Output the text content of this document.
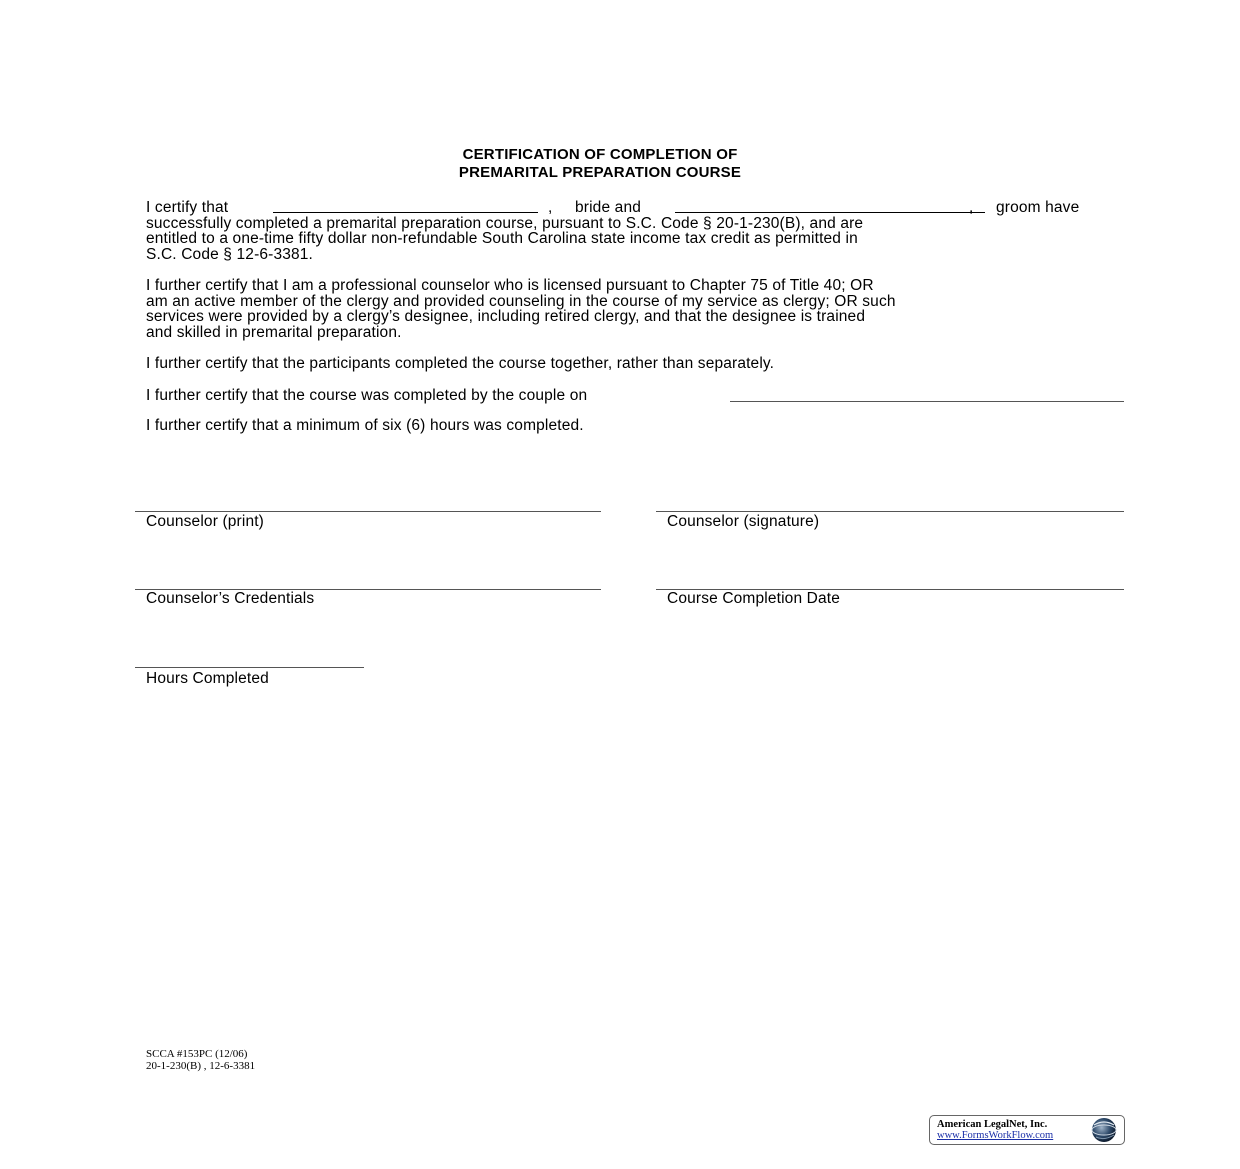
CERTIFICATION OF COMPLETION OF
PREMARITAL PREPARATION COURSE
I certify that	, bride and	, groom have
successfully completed a premarital preparation course, pursuant to S.C. Code § 20-1-230(B), and are
entitled to a one-time fifty dollar non-refundable South Carolina state income tax credit as permitted in
S.C. Code § 12-6-3381.
I further certify that I am a professional counselor who is licensed pursuant to Chapter 75 of Title 40; OR
am an active member of the clergy and provided counseling in the course of my service as clergy; OR such
services were provided by a clergy’s designee, including retired clergy, and that the designee is trained
and skilled in premarital preparation.
I further certify that the participants completed the course together, rather than separately.
I further certify that the course was completed by the couple on
I further certify that a minimum of six (6) hours was completed.
Counselor (print)	Counselor (signature)
Counselor’s Credentials	Course Completion Date
Hours Completed
SCCA #153PC (12/06)
20-1-230(B) , 12-6-3381
American LegalNet, Inc.
www.FormsWorkFlow.com
